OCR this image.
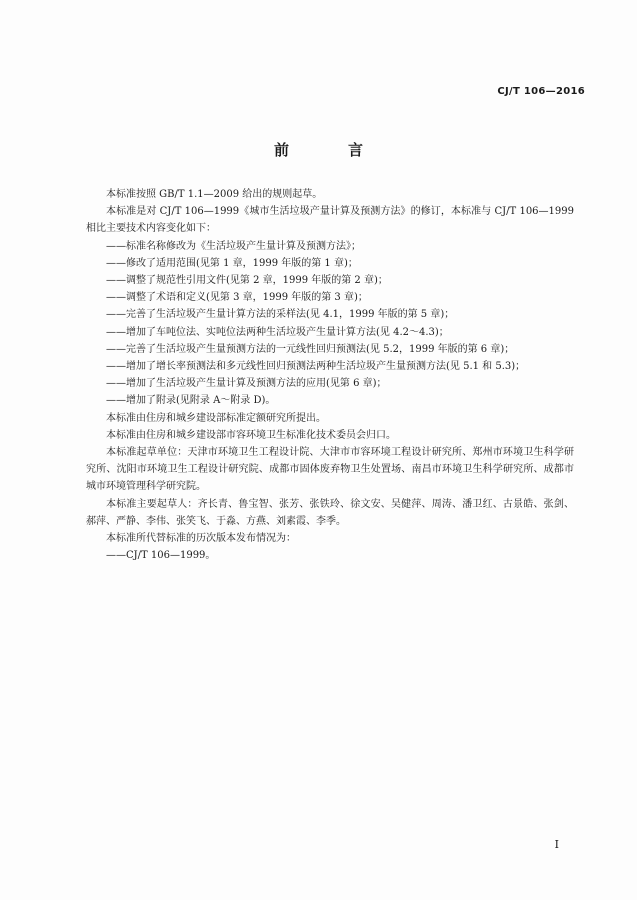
CJ/T 106—2016
前　言

本标准按照 GB/T 1.1—2009 给出的规则起草。

本标准是对 CJ/T 106—1999《城市生活垃圾产量计算及预测方法》的修订，本标准与 CJ/T 106—1999 相比主要技术内容变化如下：

——标准名称修改为《生活垃圾产生量计算及预测方法》；
——修改了适用范围(见第 1 章，1999 年版的第 1 章)；
——调整了规范性引用文件(见第 2 章，1999 年版的第 2 章)；
——调整了术语和定义(见第 3 章，1999 年版的第 3 章)；
——完善了生活垃圾产生量计算方法的采样法(见 4.1，1999 年版的第 5 章)；
——增加了车吨位法、实吨位法两种生活垃圾产生量计算方法(见 4.2～4.3)；
——完善了生活垃圾产生量预测方法的一元线性回归预测法(见 5.2，1999 年版的第 6 章)；
——增加了增长率预测法和多元线性回归预测法两种生活垃圾产生量预测方法(见 5.1 和 5.3)；
——增加了生活垃圾产生量计算及预测方法的应用(见第 6 章)；
——增加了附录(见附录 A～附录 D)。

本标准由住房和城乡建设部标准定额研究所提出。

本标准由住房和城乡建设部市容环境卫生标准化技术委员会归口。

本标准起草单位：天津市环境卫生工程设计院、大津市市容环境工程设计研究所、郑州市环境卫生科学研究所、沈阳市环境卫生工程设计研究院、成都市固体废弃物卫生处置场、南昌市环境卫生科学研究所、成都市城市环境管理科学研究院。

本标准主要起草人：齐长青、鲁宝智、张芳、张铁玲、徐文安、吴健萍、周涛、潘卫红、古景皓、张剑、郝萍、严静、李伟、张笑飞、于淼、方燕、刘素霞、李季。

本标准所代替标准的历次版本发布情况为：

——CJ/T 106—1999。
I
